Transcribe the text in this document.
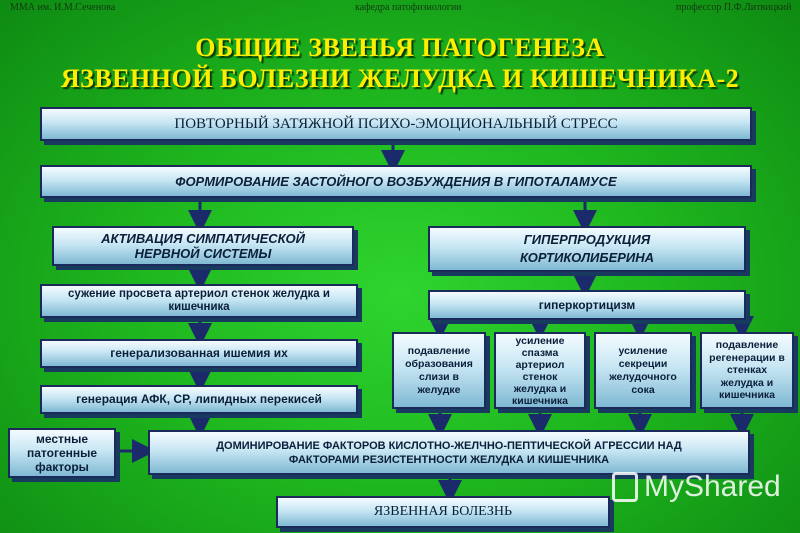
ММА им. И.М.Сеченова	кафедра патофизиологии	профессор П.Ф.Литвицкий
ОБЩИЕ ЗВЕНЬЯ ПАТОГЕНЕЗА
ЯЗВЕННОЙ БОЛЕЗНИ ЖЕЛУДКА И КИШЕЧНИКА-2
ПОВТОРНЫЙ ЗАТЯЖНОЙ ПСИХО-ЭМОЦИОНАЛЬНЫЙ СТРЕСС
ФОРМИРОВАНИЕ ЗАСТОЙНОГО ВОЗБУЖДЕНИЯ В ГИПОТАЛАМУСЕ
АКТИВАЦИЯ СИМПАТИЧЕСКОЙ НЕРВНОЙ СИСТЕМЫ
ГИПЕРПРОДУКЦИЯ КОРТИКОЛИБЕРИНА
сужение просвета артериол стенок желудка и кишечника	гиперкортицизм
генерализованная ишемия их
генерация АФК, СР, липидных перекисей
подавление образования слизи в желудке
усиление спазма артериол стенок желудка и кишечника
усиление секреции желудочного сока
подавление регенерации в стенках желудка и кишечника
местные патогенные факторы
ДОМИНИРОВАНИЕ ФАКТОРОВ КИСЛОТНО-ЖЕЛЧНО-ПЕПТИЧЕСКОЙ АГРЕССИИ НАД ФАКТОРАМИ РЕЗИСТЕНТНОСТИ ЖЕЛУДКА И КИШЕЧНИКА
ЯЗВЕННАЯ БОЛЕЗНЬ
MyShared
